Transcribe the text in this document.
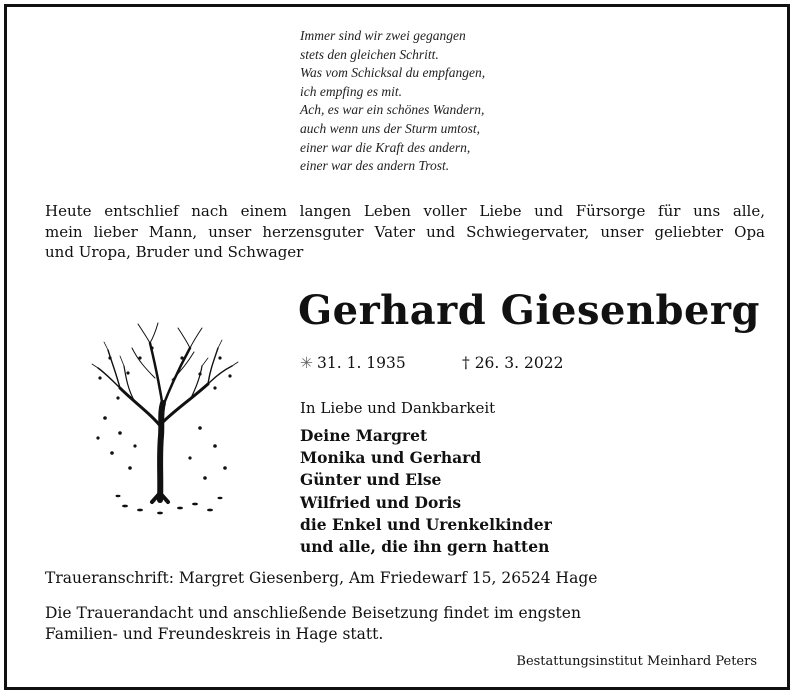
Immer sind wir zwei gegangen
stets den gleichen Schritt.
Was vom Schicksal du empfangen,
ich empfing es mit.
Ach, es war ein schönes Wandern,
auch wenn uns der Sturm umtost,
einer war die Kraft des andern,
einer war des andern Trost.
Heute entschlief nach einem langen Leben voller Liebe und Fürsorge für uns alle,
mein lieber Mann, unser herzensguter Vater und Schwiegervater, unser geliebter Opa
und Uropa, Bruder und Schwager
Gerhard Giesenberg
✳ 31. 1. 1935	† 26. 3. 2022
In Liebe und Dankbarkeit
Deine Margret
Monika und Gerhard
Günter und Else
Wilfried und Doris
die Enkel und Urenkelkinder
und alle, die ihn gern hatten
Traueranschrift: Margret Giesenberg, Am Friedewarf 15, 26524 Hage
Die Trauerandacht und anschließende Beisetzung findet im engsten
Familien- und Freundeskreis in Hage statt.
Bestattungsinstitut Meinhard Peters
